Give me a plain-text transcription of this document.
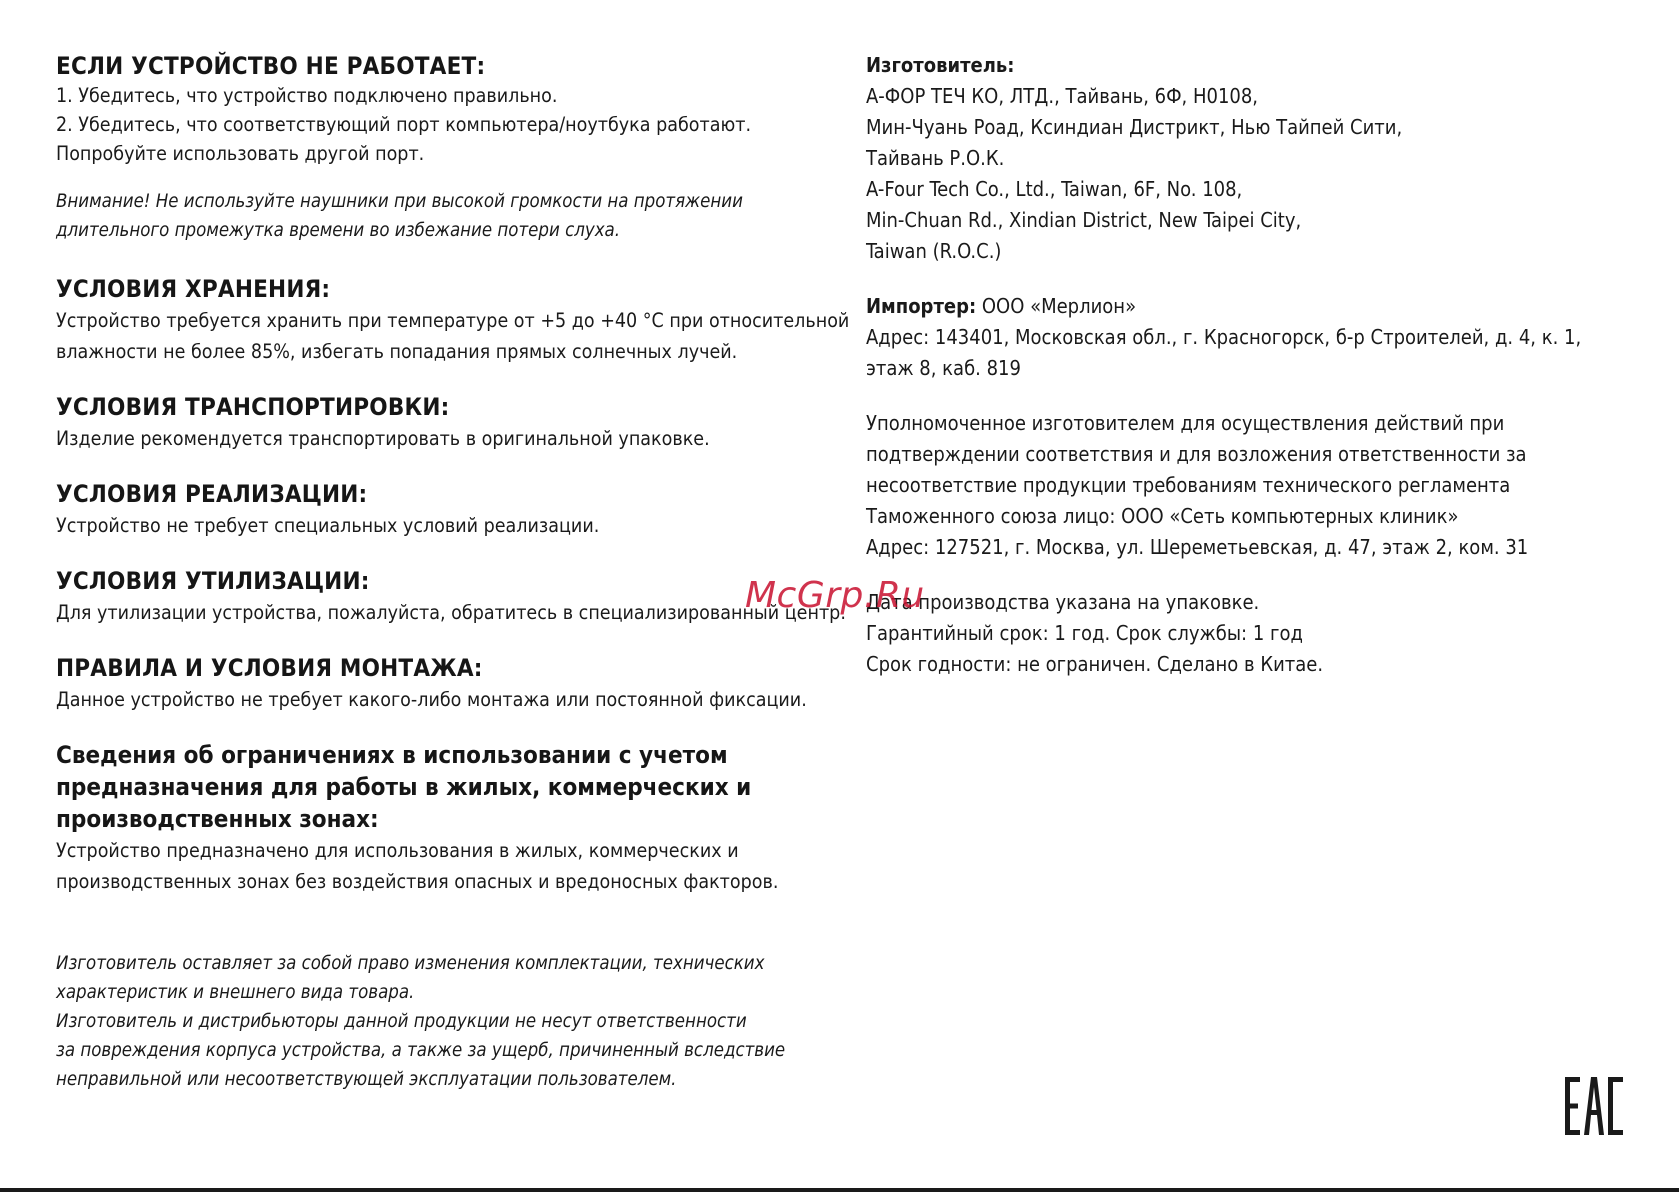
ЕСЛИ УСТРОЙСТВО НЕ РАБОТАЕТ:

1. Убедитесь, что устройство подключено правильно.

2. Убедитесь, что соответствующий порт компьютера/ноутбука работают.

Попробуйте использовать другой порт.

Внимание! Не используйте наушники при высокой громкости на протяжении

длительного промежутка времени во избежание потери слуха.

УСЛОВИЯ ХРАНЕНИЯ:

Устройство требуется хранить при температуре от +5 до +40 °С при относительной

влажности не более 85%, избегать попадания прямых солнечных лучей.

УСЛОВИЯ ТРАНСПОРТИРОВКИ:

Изделие рекомендуется транспортировать в оригинальной упаковке.

УСЛОВИЯ РЕАЛИЗАЦИИ:

Устройство не требует специальных условий реализации.

УСЛОВИЯ УТИЛИЗАЦИИ:

Для утилизации устройства, пожалуйста, обратитесь в специализированный центр.

ПРАВИЛА И УСЛОВИЯ МОНТАЖА:

Данное устройство не требует какого-либо монтажа или постоянной фиксации.

Сведения об ограничениях в использовании с учетом
предназначения для работы в жилых, коммерческих и
производственных зонах:

Устройство предназначено для использования в жилых, коммерческих и

производственных зонах без воздействия опасных и вредоносных факторов.

Изготовитель оставляет за собой право изменения комплектации, технических

характеристик и внешнего вида товара.

Изготовитель и дистрибьюторы данной продукции не несут ответственности

за повреждения корпуса устройства, а также за ущерб, причиненный вследствие

неправильной или несоответствующей эксплуатации пользователем.

Изготовитель:

А-ФОР ТЕЧ КО, ЛТД., Тайвань, 6Ф, Н0108,

Мин-Чуань Роад, Ксиндиан Дистрикт, Нью Тайпей Сити,

Тайвань Р.О.К.

A-Four Tech Co., Ltd., Taiwan, 6F, No. 108,

Min-Chuan Rd., Xindian District, New Taipei City,

Taiwan (R.O.C.)

Импортер: ООО «Мерлион»

Адрес: 143401, Московская обл., г. Красногорск, б-р Строителей, д. 4, к. 1,

этаж 8, каб. 819

Уполномоченное изготовителем для осуществления действий при

подтверждении соответствия и для возложения ответственности за

несоответствие продукции требованиям технического регламента

Таможенного союза лицо: ООО «Сеть компьютерных клиник»

Адрес: 127521, г. Москва, ул. Шереметьевская, д. 47, этаж 2, ком. 31

Дата производства указана на упаковке.

Гарантийный срок: 1 год. Срок службы: 1 год

Срок годности: не ограничен. Сделано в Китае.

McGrp.Ru
